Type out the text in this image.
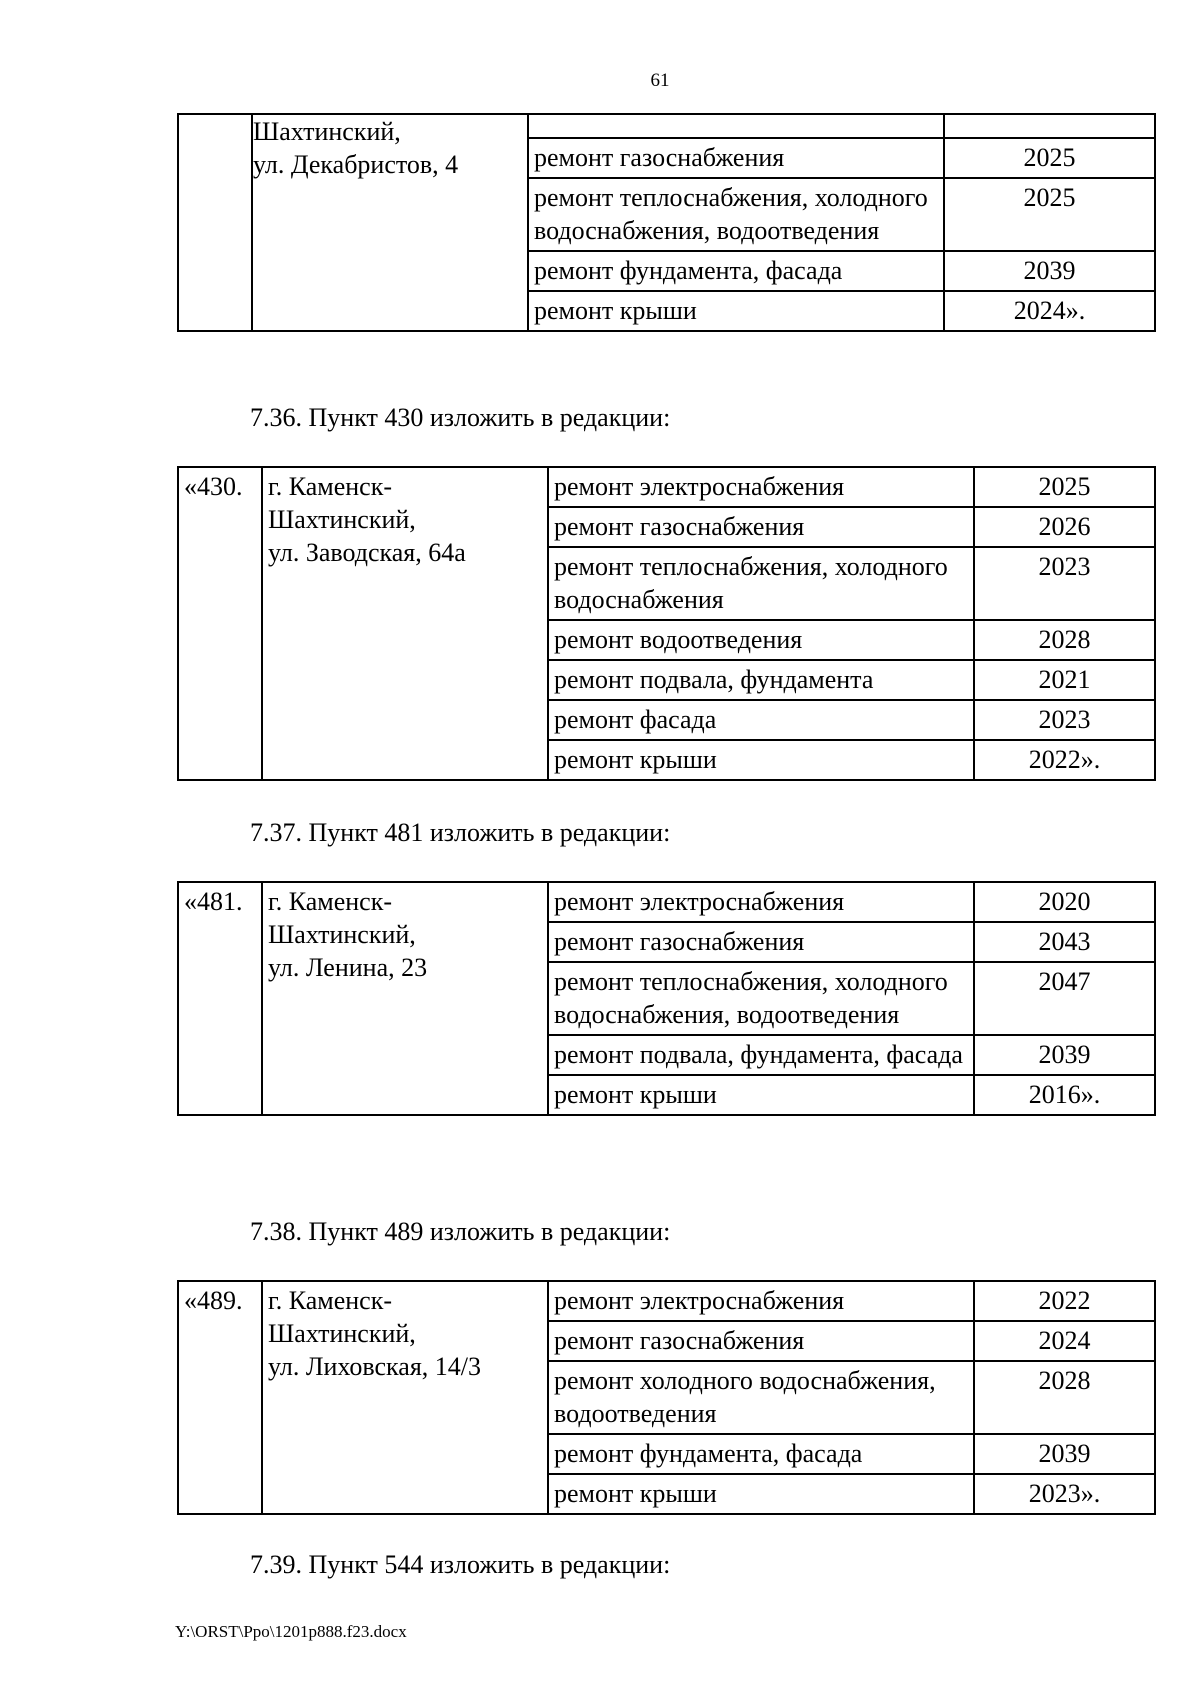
61

	Шахтинский,
ул. Декабристов, 4		

		ремонт газоснабжения	2025
		ремонт теплоснабжения, холодного водоснабжения, водоотведения	2025
		ремонт фундамента, фасада	2039
		ремонт крыши	2024».
7.36. Пункт 430 изложить в редакции:
«430.	г. Каменск-
Шахтинский,
ул. Заводская, 64а	ремонт электроснабжения	2025
		ремонт газоснабжения	2026
		ремонт теплоснабжения, холодного водоснабжения	2023
		ремонт водоотведения	2028
		ремонт подвала, фундамента	2021
		ремонт фасада	2023
		ремонт крыши	2022».
7.37. Пункт 481 изложить в редакции:
«481.	г. Каменск-
Шахтинский,
ул. Ленина, 23	ремонт электроснабжения	2020
		ремонт газоснабжения	2043
		ремонт теплоснабжения, холодного водоснабжения, водоотведения	2047
		ремонт подвала, фундамента, фасада	2039
		ремонт крыши	2016».
7.38. Пункт 489 изложить в редакции:
«489.	г. Каменск-
Шахтинский,
ул. Лиховская, 14/3	ремонт электроснабжения	2022
		ремонт газоснабжения	2024
		ремонт холодного водоснабжения, водоотведения	2028
		ремонт фундамента, фасада	2039
		ремонт крыши	2023».
7.39. Пункт 544 изложить в редакции:
Y:\ORST\Ppo\1201p888.f23.docx
